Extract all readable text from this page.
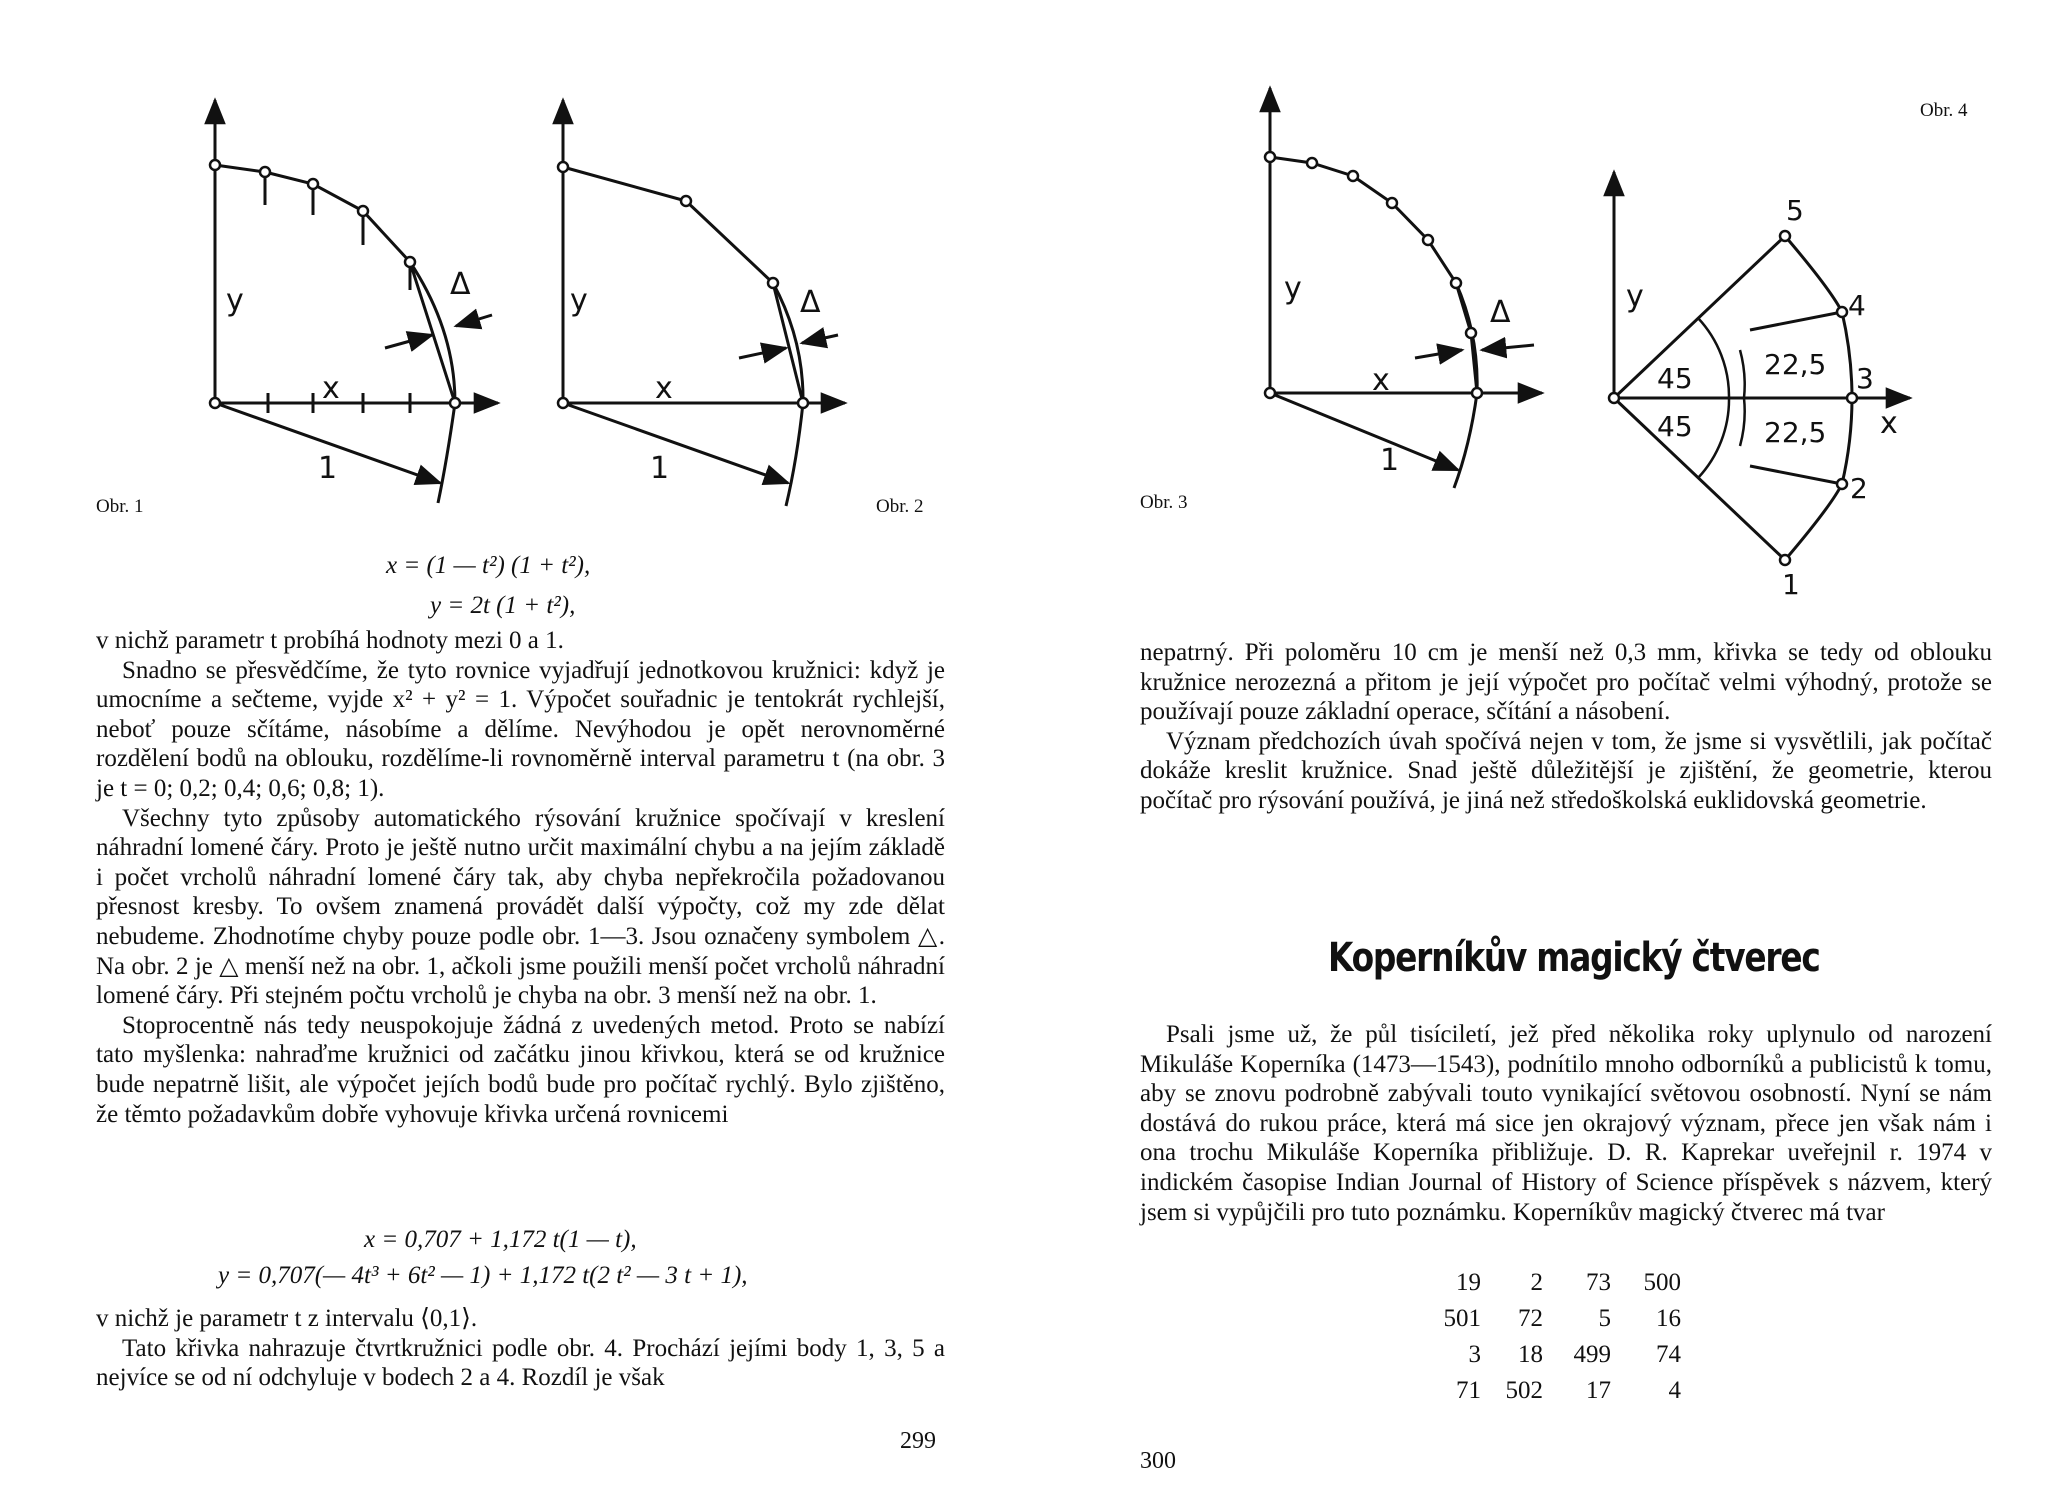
y
x
1
Δ	y
x
1
Δ
Obr. 1	Obr. 2
x = (1 — t²) (1 + t²),
y = 2t (1 + t²),

v nichž parametr t probíhá hodnoty mezi 0 a 1.

Snadno se přesvědčíme, že tyto rovnice vyjadřují jednotkovou kružnici: když je umocníme a sečteme, vyjde x² + y² = 1. Výpočet souřadnic je tentokrát rychlejší, neboť pouze sčítáme, násobíme a dělíme. Nevýhodou je opět nerovnoměrné rozdělení bodů na oblouku, rozdělíme-li rovnoměrně interval parametru t (na obr. 3 je t = 0; 0,2; 0,4; 0,6; 0,8; 1).

Všechny tyto způsoby automatického rýsování kružnice spočívají v kreslení náhradní lomené čáry. Proto je ještě nutno určit maximální chybu a na jejím základě i počet vrcholů náhradní lomené čáry tak, aby chyba nepřekročila požadovanou přesnost kresby. To ovšem znamená provádět další výpočty, což my zde dělat nebudeme. Zhodnotíme chyby pouze podle obr. 1—3. Jsou označeny symbolem △. Na obr. 2 je △ menší než na obr. 1, ačkoli jsme použili menší počet vrcholů náhradní lomené čáry. Při stejném počtu vrcholů je chyba na obr. 3 menší než na obr. 1.

Stoprocentně nás tedy neuspokojuje žádná z uvedených metod. Proto se nabízí tato myšlenka: nahraďme kružnici od začátku jinou křivkou, která se od kružnice bude nepatrně lišit, ale výpočet jejích bodů bude pro počítač rychlý. Bylo zjištěno, že těmto požadavkům dobře vyhovuje křivka určená rovnicemi

x = 0,707 + 1,172 t(1 — t),
y = 0,707(— 4t³ + 6t² — 1) + 1,172 t(2 t² — 3 t + 1),

v nichž je parametr t z intervalu ⟨0,1⟩.

Tato křivka nahrazuje čtvrtkružnici podle obr. 4. Prochází jejími body 1, 3, 5 a nejvíce se od ní odchyluje v bodech 2 a 4. Rozdíl je však

299
y
x
1
Δ	y
x
45
45
22,5
22,5
1
2
3
4
5
Obr. 3
Obr. 4

nepatrný. Při poloměru 10 cm je menší než 0,3 mm, křivka se tedy od oblouku kružnice nerozezná a přitom je její výpočet pro počítač velmi výhodný, protože se používají pouze základní operace, sčítání a násobení.

Význam předchozích úvah spočívá nejen v tom, že jsme si vysvětlili, jak počítač dokáže kreslit kružnice. Snad ještě důležitější je zjištění, že geometrie, kterou počítač pro rýsování používá, je jiná než středoškolská euklidovská geometrie.

Koperníkův magický čtverec

Psali jsme už, že půl tisíciletí, jež před několika roky uplynulo od narození Mikuláše Koperníka (1473—1543), podnítilo mnoho odborníků a publicistů k tomu, aby se znovu podrobně zabývali touto vynikající světovou osobností. Nyní se nám dostává do rukou práce, která má sice jen okrajový význam, přece jen však nám i ona trochu Mikuláše Koperníka přibližuje. D. R. Kaprekar uveřejnil r. 1974 v indickém časopise Indian Journal of History of Science příspěvek s názvem, který jsem si vypůjčili pro tuto poznámku. Koperníkův magický čtverec má tvar

19	2	73	500
501	72	5	16
3	18	499	74
71	502	17	4
300
